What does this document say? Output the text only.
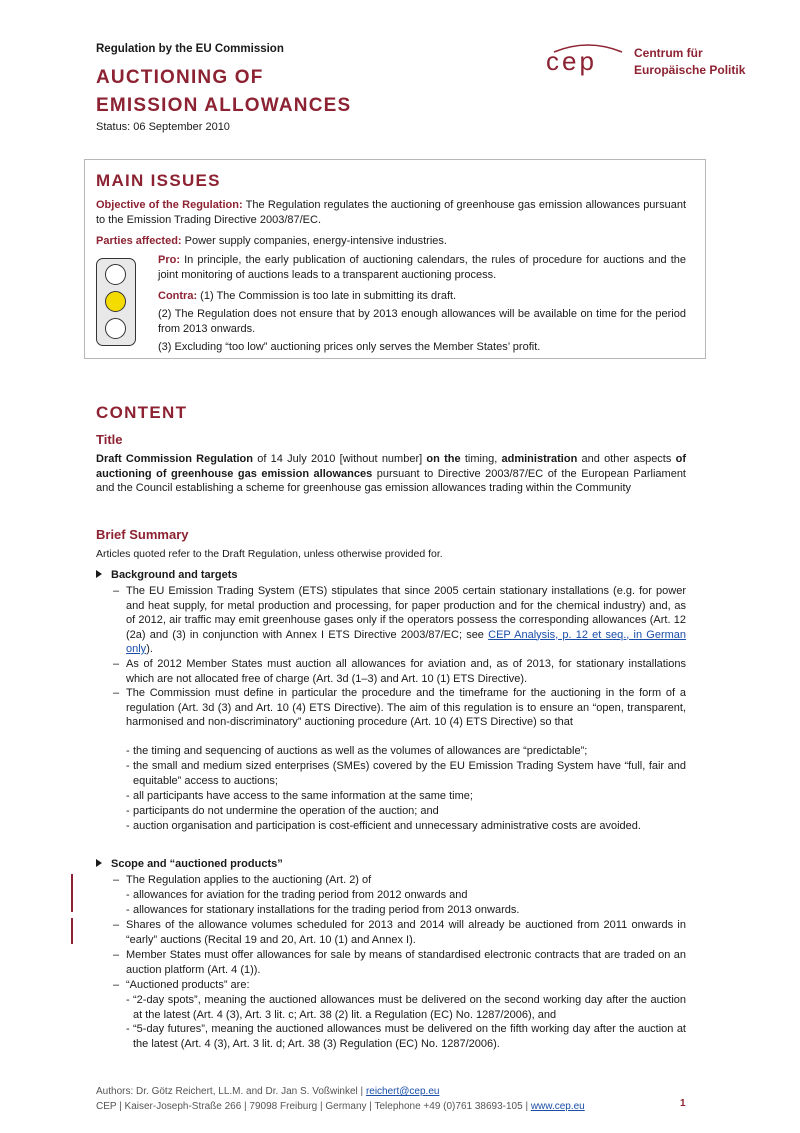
Regulation by the EU Commission
AUCTIONING OF
EMISSION ALLOWANCES
Status: 06 September 2010
cep	Centrum für
Europäische Politik
MAIN ISSUES
Objective of the Regulation: The Regulation regulates the auctioning of greenhouse gas emission allowances pursuant to the Emission Trading Directive 2003/87/EC.
Parties affected: Power supply companies, energy-intensive industries.
Pro: In principle, the early publication of auctioning calendars, the rules of procedure for auctions and the joint monitoring of auctions leads to a transparent auctioning process.
Contra: (1) The Commission is too late in submitting its draft.
(2) The Regulation does not ensure that by 2013 enough allowances will be available on time for the period from 2013 onwards.
(3) Excluding “too low” auctioning prices only serves the Member States’ profit.
CONTENT
Title
Draft Commission Regulation of 14 July 2010 [without number] on the timing, administration and other aspects of auctioning of greenhouse gas emission allowances pursuant to Directive 2003/87/EC of the European Parliament and the Council establishing a scheme for greenhouse gas emission allowances trading within the Community
Brief Summary
Articles quoted refer to the Draft Regulation, unless otherwise provided for.
Background and targets
– The EU Emission Trading System (ETS) stipulates that since 2005 certain stationary installations (e.g. for power and heat supply, for metal production and processing, for paper production and for the chemical industry) and, as of 2012, air traffic may emit greenhouse gases only if the operators possess the corresponding allowances (Art. 12 (2a) and (3) in conjunction with Annex I ETS Directive 2003/87/EC; see CEP Analysis, p. 12 et seq., in German only).
– As of 2012 Member States must auction all allowances for aviation and, as of 2013, for stationary installations which are not allocated free of charge (Art. 3d (1–3) and Art. 10 (1) ETS Directive).
– The Commission must define in particular the procedure and the timeframe for the auctioning in the form of a regulation (Art. 3d (3) and Art. 10 (4) ETS Directive). The aim of this regulation is to ensure an “open, transparent, harmonised and non-discriminatory” auctioning procedure (Art. 10 (4) ETS Directive) so that
- the timing and sequencing of auctions as well as the volumes of allowances are “predictable”;
- the small and medium sized enterprises (SMEs) covered by the EU Emission Trading System have “full, fair and equitable” access to auctions;
- all participants have access to the same information at the same time;
- participants do not undermine the operation of the auction; and
- auction organisation and participation is cost-efficient and unnecessary administrative costs are avoided.
Scope and “auctioned products”
– The Regulation applies to the auctioning (Art. 2) of
- allowances for aviation for the trading period from 2012 onwards and
- allowances for stationary installations for the trading period from 2013 onwards.
– Shares of the allowance volumes scheduled for 2013 and 2014 will already be auctioned from 2011 onwards in “early” auctions (Recital 19 and 20, Art. 10 (1) and Annex I).
– Member States must offer allowances for sale by means of standardised electronic contracts that are traded on an auction platform (Art. 4 (1)).
– “Auctioned products” are:
- “2-day spots”, meaning the auctioned allowances must be delivered on the second working day after the auction at the latest (Art. 4 (3), Art. 3 lit. c; Art. 38 (2) lit. a Regulation (EC) No. 1287/2006), and
- “5-day futures”, meaning the auctioned allowances must be delivered on the fifth working day after the auction at the latest (Art. 4 (3), Art. 3 lit. d; Art. 38 (3) Regulation (EC) No. 1287/2006).
Authors: Dr. Götz Reichert, LL.M. and Dr. Jan S. Voßwinkel | reichert@cep.eu
CEP | Kaiser-Joseph-Straße 266 | 79098 Freiburg | Germany | Telephone +49 (0)761 38693-105 | www.cep.eu	1
